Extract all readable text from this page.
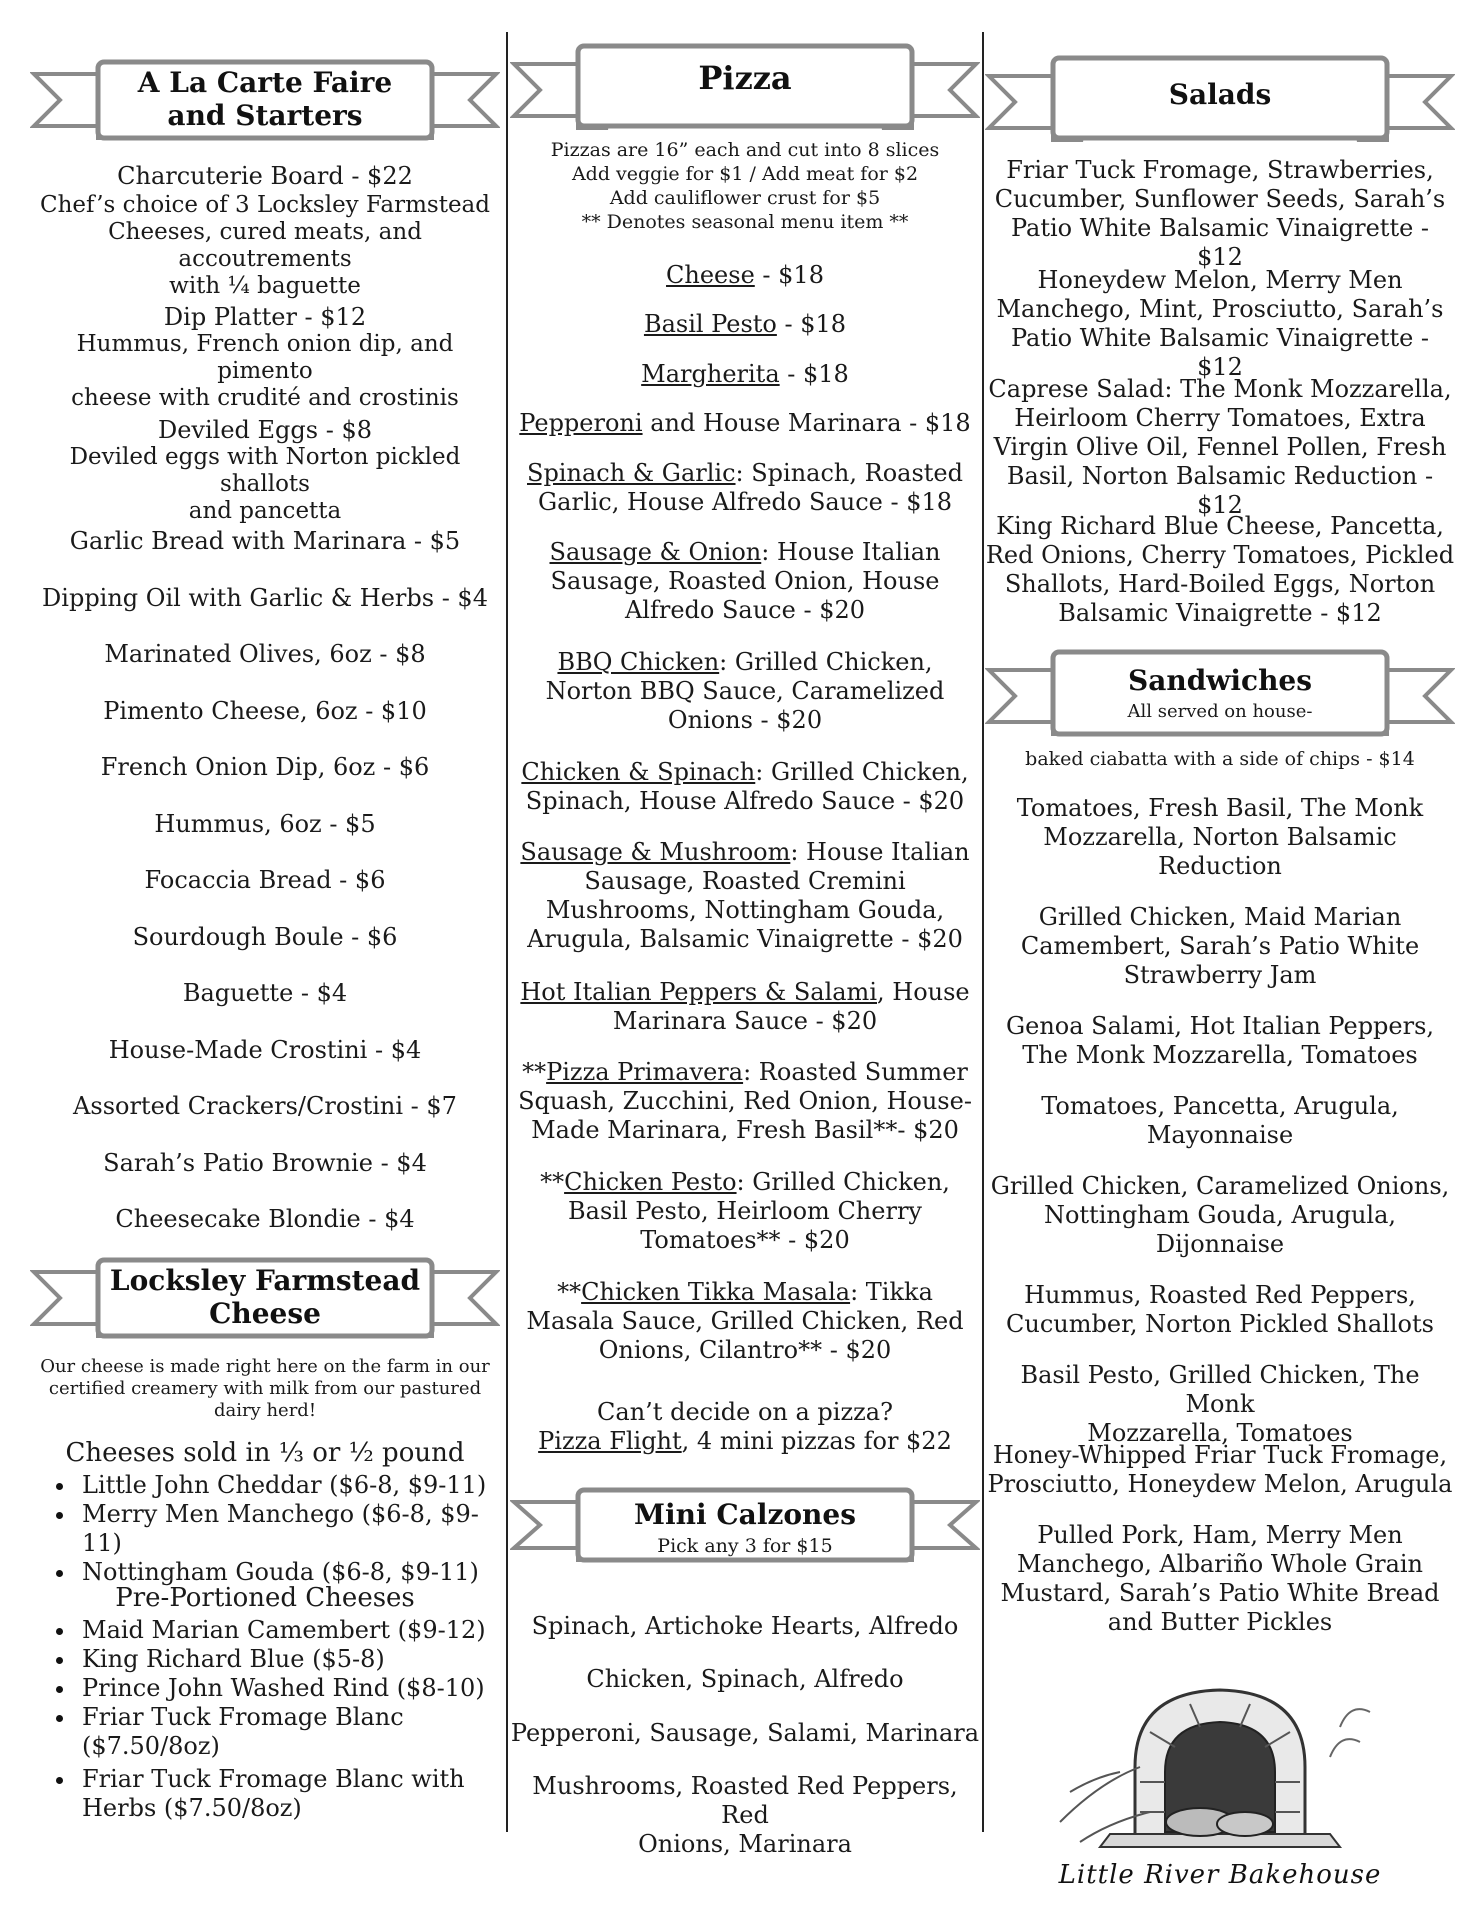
A La Carte Faire
and Starters
Charcuterie Board - $22
Chef’s choice of 3 Locksley Farmstead
Cheeses, cured meats, and accoutrements
with ¼ baguette
Dip Platter - $12
Hummus, French onion dip, and pimento
cheese with crudité and crostinis
Deviled Eggs - $8
Deviled eggs with Norton pickled shallots
and pancetta
Garlic Bread with Marinara - $5
Dipping Oil with Garlic & Herbs - $4
Marinated Olives, 6oz - $8
Pimento Cheese, 6oz - $10
French Onion Dip, 6oz - $6
Hummus, 6oz - $5
Focaccia Bread - $6
Sourdough Boule - $6
Baguette - $4
House-Made Crostini - $4
Assorted Crackers/Crostini - $7
Sarah’s Patio Brownie - $4
Cheesecake Blondie - $4
Locksley Farmstead
Cheese
Our cheese is made right here on the farm in our
certified creamery with milk from our pastured
dairy herd!
Cheeses sold in ⅓ or ½ pound
Little John Cheddar ($6-8, $9-11)
Merry Men Manchego ($6-8, $9-11)
Nottingham Gouda ($6-8, $9-11)
Pre-Portioned Cheeses
Maid Marian Camembert ($9-12)
King Richard Blue ($5-8)
Prince John Washed Rind ($8-10)
Friar Tuck Fromage Blanc
($7.50/8oz)
Friar Tuck Fromage Blanc with
Herbs ($7.50/8oz)
Pizza
Pizzas are 16” each and cut into 8 slices
Add veggie for $1 / Add meat for $2
Add cauliflower crust for $5
** Denotes seasonal menu item **
Cheese - $18
Basil Pesto - $18
Margherita - $18
Pepperoni and House Marinara - $18
Spinach & Garlic: Spinach, Roasted
Garlic, House Alfredo Sauce - $18
Sausage & Onion: House Italian
Sausage, Roasted Onion, House
Alfredo Sauce - $20
BBQ Chicken: Grilled Chicken,
Norton BBQ Sauce, Caramelized
Onions - $20
Chicken & Spinach: Grilled Chicken,
Spinach, House Alfredo Sauce - $20
Sausage & Mushroom: House Italian
Sausage, Roasted Cremini
Mushrooms, Nottingham Gouda,
Arugula, Balsamic Vinaigrette - $20
Hot Italian Peppers & Salami, House
Marinara Sauce - $20
**Pizza Primavera: Roasted Summer
Squash, Zucchini, Red Onion, House-
Made Marinara, Fresh Basil**- $20
**Chicken Pesto: Grilled Chicken,
Basil Pesto, Heirloom Cherry
Tomatoes** - $20
**Chicken Tikka Masala: Tikka
Masala Sauce, Grilled Chicken, Red
Onions, Cilantro** - $20
Can’t decide on a pizza?
Pizza Flight, 4 mini pizzas for $22
Mini Calzones
Pick any 3 for $15
Spinach, Artichoke Hearts, Alfredo
Chicken, Spinach, Alfredo
Pepperoni, Sausage, Salami, Marinara
Mushrooms, Roasted Red Peppers, Red
Onions, Marinara
Salads
Friar Tuck Fromage, Strawberries,
Cucumber, Sunflower Seeds, Sarah’s
Patio White Balsamic Vinaigrette - $12
Honeydew Melon, Merry Men
Manchego, Mint, Prosciutto, Sarah’s
Patio White Balsamic Vinaigrette - $12
Caprese Salad: The Monk Mozzarella,
Heirloom Cherry Tomatoes, Extra
Virgin Olive Oil, Fennel Pollen, Fresh
Basil, Norton Balsamic Reduction - $12
King Richard Blue Cheese, Pancetta,
Red Onions, Cherry Tomatoes, Pickled
Shallots, Hard-Boiled Eggs, Norton
Balsamic Vinaigrette - $12
Sandwiches
All served on house-
baked ciabatta with a side of chips - $14
Tomatoes, Fresh Basil, The Monk
Mozzarella, Norton Balsamic
Reduction
Grilled Chicken, Maid Marian
Camembert, Sarah’s Patio White
Strawberry Jam
Genoa Salami, Hot Italian Peppers,
The Monk Mozzarella, Tomatoes
Tomatoes, Pancetta, Arugula,
Mayonnaise
Grilled Chicken, Caramelized Onions,
Nottingham Gouda, Arugula,
Dijonnaise
Hummus, Roasted Red Peppers,
Cucumber, Norton Pickled Shallots
Basil Pesto, Grilled Chicken, The Monk
Mozzarella, Tomatoes
Honey-Whipped Friar Tuck Fromage,
Prosciutto, Honeydew Melon, Arugula
Pulled Pork, Ham, Merry Men
Manchego, Albariño Whole Grain
Mustard, Sarah’s Patio White Bread
and Butter Pickles
Little River Bakehouse
